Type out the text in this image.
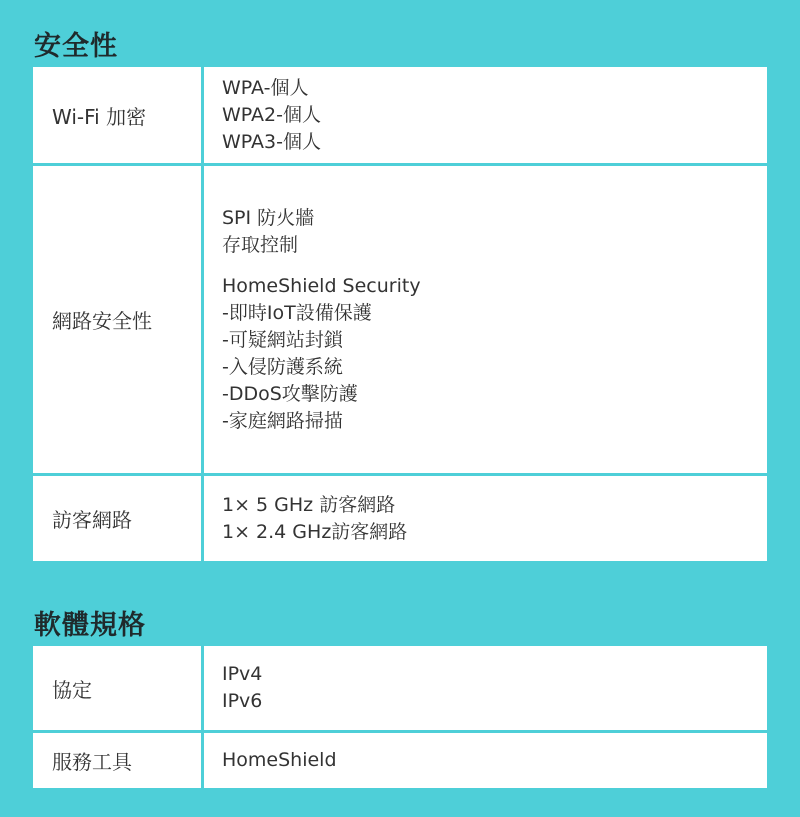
安全性
Wi-Fi 加密
WPA-個人
WPA2-個人
WPA3-個人
網路安全性
SPI 防火牆
存取控制
HomeShield Security
-即時IoT設備保護
-可疑網站封鎖
-入侵防護系統
-DDoS攻擊防護
-家庭網路掃描
訪客網路
1× 5 GHz 訪客網路
1× 2.4 GHz訪客網路
軟體規格
協定
IPv4
IPv6
服務工具	HomeShield
